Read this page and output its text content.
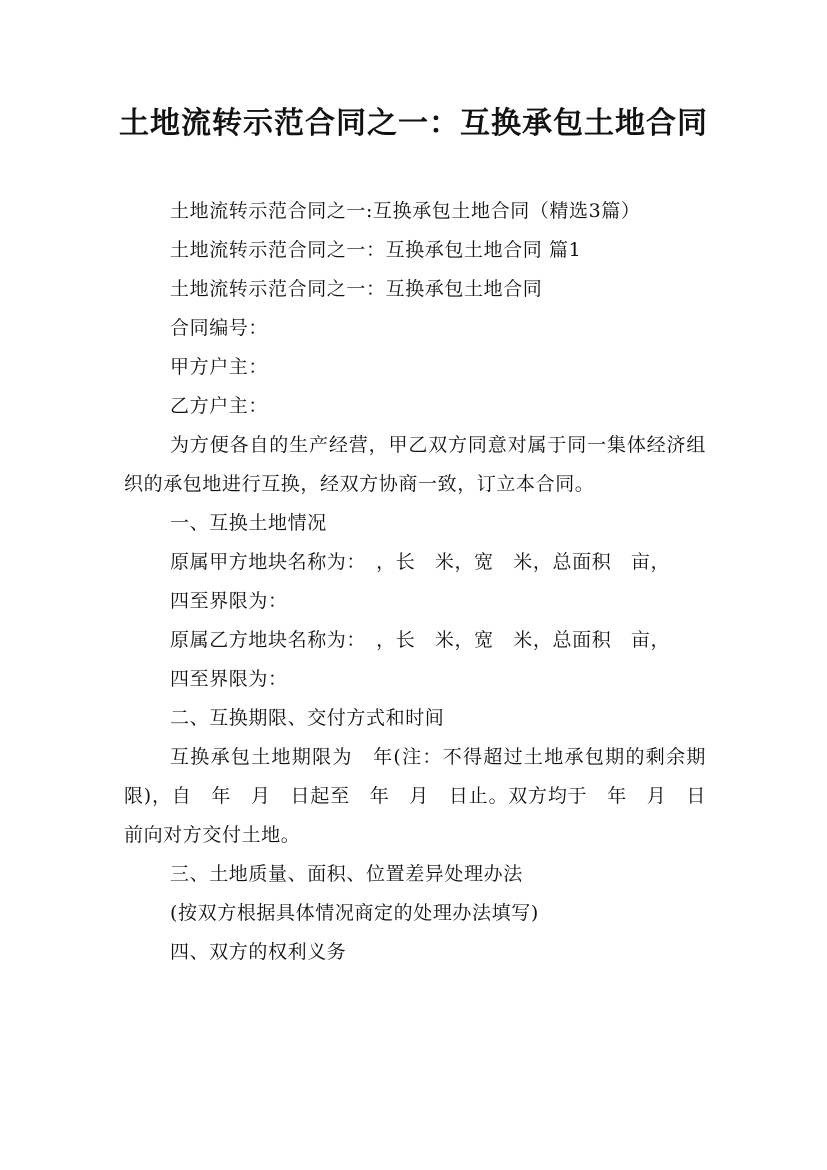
土地流转示范合同之一：互换承包土地合同

土地流转示范合同之一:互换承包土地合同（精选3篇）

土地流转示范合同之一：互换承包土地合同 篇1

土地流转示范合同之一：互换承包土地合同

合同编号：

甲方户主：

乙方户主：

为方便各自的生产经营，甲乙双方同意对属于同一集体经济组织的承包地进行互换，经双方协商一致，订立本合同。

一、互换土地情况

原属甲方地块名称为：　，长　米，宽　米，总面积　亩，

四至界限为：

原属乙方地块名称为：　，长　米，宽　米，总面积　亩，

四至界限为：

二、互换期限、交付方式和时间

互换承包土地期限为　年(注：不得超过土地承包期的剩余期限)，自　年　月　日起至　年　月　日止。双方均于　年　月　日前向对方交付土地。

三、土地质量、面积、位置差异处理办法

(按双方根据具体情况商定的处理办法填写)

四、双方的权利义务
